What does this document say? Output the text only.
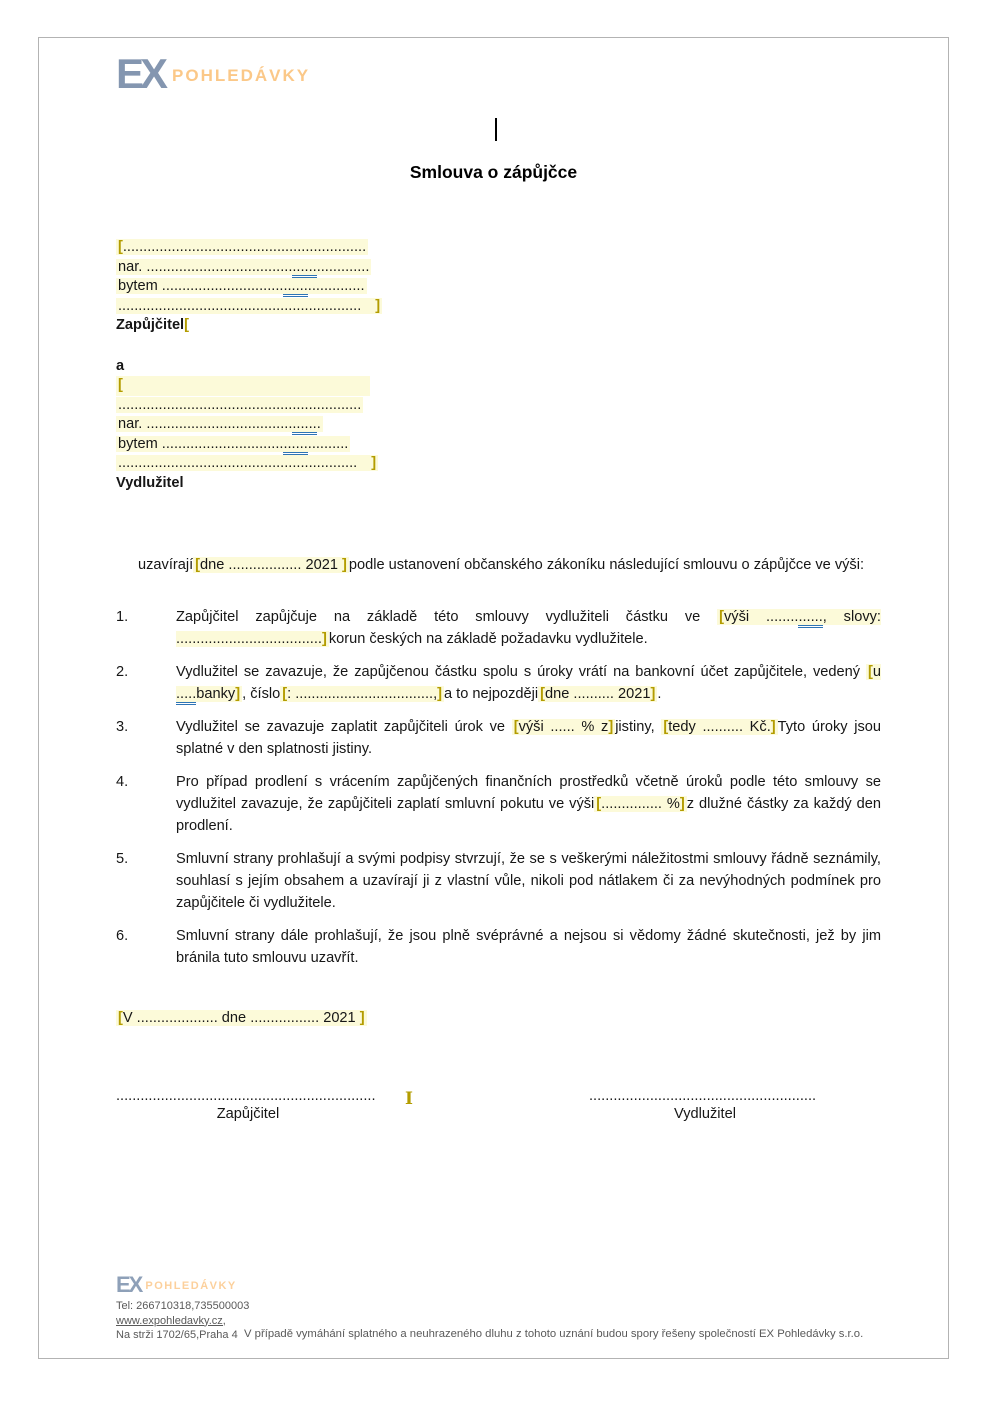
EX POHLEDÁVKY
Smlouva o zápůjčce
[............................................................
nar. .......................................................
bytem ..................................................
............................................................ ]
Zapůjčitel[
a
[
............................................................
nar. ...........................................
bytem ..............................................
........................................................... ]
Vydlužitel

uzavírají [dne .................. 2021 ] podle ustanovení občanského zákoníku následující smlouvu o zápůjčce ve výši:

1.	Zapůjčitel zapůjčuje na základě této smlouvy vydlužiteli částku ve [výši .............., slovy: ....................................] korun českých na základě požadavku vydlužitele.
2.	Vydlužitel se zavazuje, že zapůjčenou částku spolu s úroky vrátí na bankovní účet zapůjčitele, vedený [u .....banky] , číslo [: ..................................,] a to nejpozději [dne .......... 2021] .
3.	Vydlužitel se zavazuje zaplatit zapůjčiteli úrok ve [výši ...... % z] jistiny, [tedy .......... Kč.] Tyto úroky jsou splatné v den splatnosti jistiny.
4.	Pro případ prodlení s vrácením zapůjčených finančních prostředků včetně úroků podle této smlouvy se vydlužitel zavazuje, že zapůjčiteli zaplatí smluvní pokutu ve výši [............... %] z dlužné částky za každý den prodlení.
5.	Smluvní strany prohlašují a svými podpisy stvrzují, že se s veškerými náležitostmi smlouvy řádně seznámily, souhlasí s jejím obsahem a uzavírají ji z vlastní vůle, nikoli pod nátlakem či za nevýhodných podmínek pro zapůjčitele či vydlužitele.
6.	Smluvní strany dále prohlašují, že jsou plně svéprávné a nejsou si vědomy žádné skutečnosti, jež by jim bránila tuto smlouvu uzavřít.
[V .................... dne ................. 2021 ]
................................................................
Zapůjčitel
I	........................................................
Vydlužitel
EX POHLEDÁVKY
Tel: 266710318,735500003
www.expohledavky.cz,
Na strži 1702/65,Praha 4 V případě vymáhání splatného a neuhrazeného dluhu z tohoto uznání budou spory řešeny společností EX Pohledávky s.r.o.
